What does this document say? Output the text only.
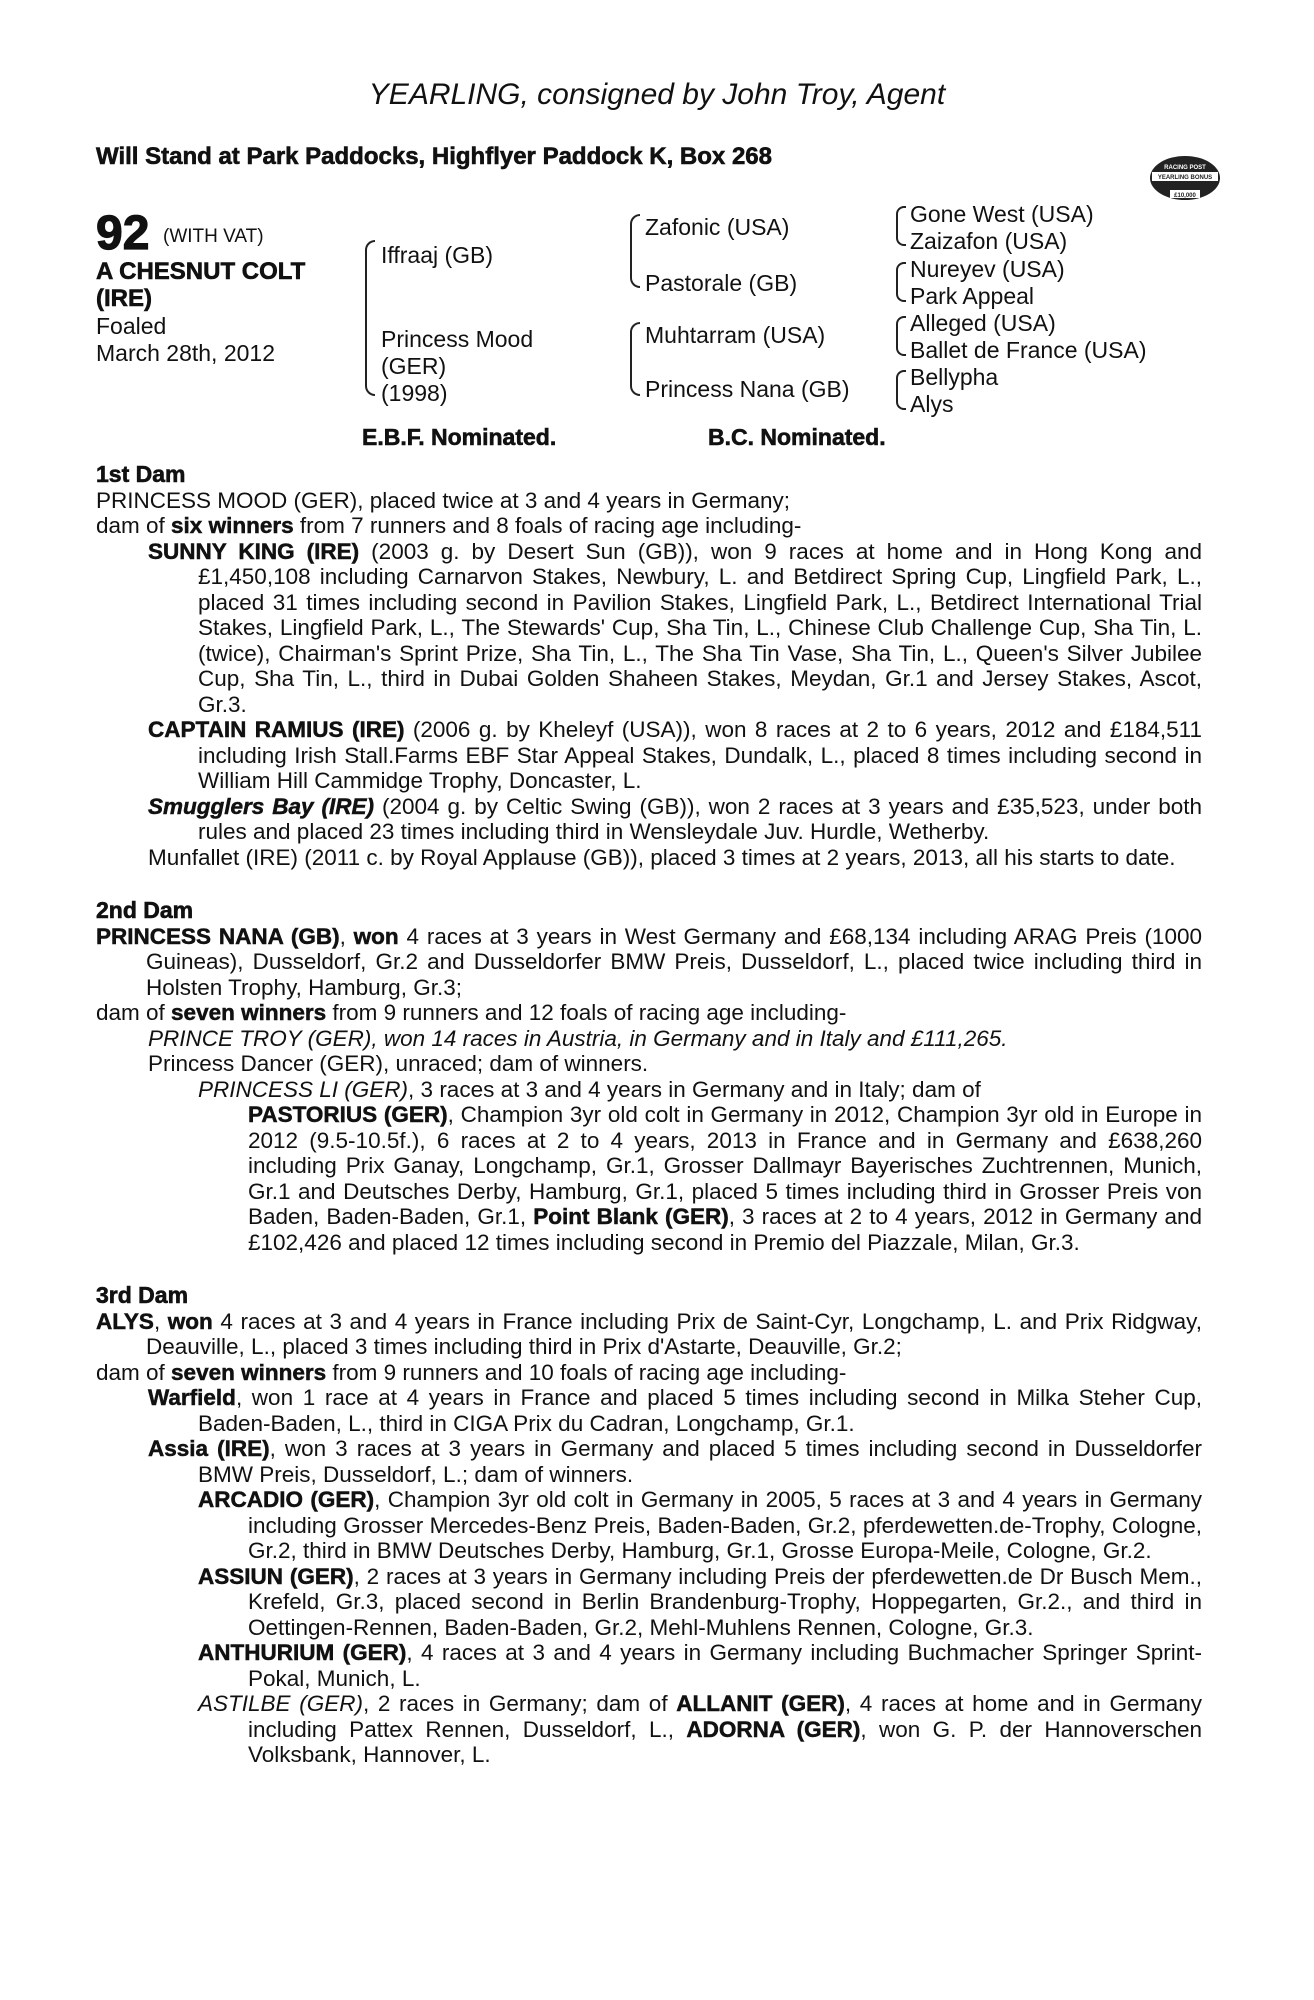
YEARLING, consigned by John Troy, Agent
Will Stand at Park Paddocks, Highflyer Paddock K, Box 268	RACING POST
YEARLING BONUS
£10,000
92 (WITH VAT)
A CHESNUT COLT
(IRE)
Foaled
March 28th, 2012
Iffraaj (GB)
Princess Mood
(GER)
(1998)
Zafonic (USA)
Pastorale (GB)
Muhtarram (USA)
Princess Nana (GB)
Gone West (USA)
Zaizafon (USA)
Nureyev (USA)
Park Appeal
Alleged (USA)
Ballet de France (USA)
Bellypha
Alys
E.B.F. Nominated.	B.C. Nominated.
1st Dam
PRINCESS MOOD (GER), placed twice at 3 and 4 years in Germany;
dam of six winners from 7 runners and 8 foals of racing age including-
SUNNY KING (IRE) (2003 g. by Desert Sun (GB)), won 9 races at home and in Hong Kong and £1,450,108 including Carnarvon Stakes, Newbury, L. and Betdirect Spring Cup, Lingfield Park, L., placed 31 times including second in Pavilion Stakes, Lingfield Park, L., Betdirect International Trial Stakes, Lingfield Park, L., The Stewards' Cup, Sha Tin, L., Chinese Club Challenge Cup, Sha Tin, L. (twice), Chairman's Sprint Prize, Sha Tin, L., The Sha Tin Vase, Sha Tin, L., Queen's Silver Jubilee Cup, Sha Tin, L., third in Dubai Golden Shaheen Stakes, Meydan, Gr.1 and Jersey Stakes, Ascot, Gr.3.
CAPTAIN RAMIUS (IRE) (2006 g. by Kheleyf (USA)), won 8 races at 2 to 6 years, 2012 and £184,511 including Irish Stall.Farms EBF Star Appeal Stakes, Dundalk, L., placed 8 times including second in William Hill Cammidge Trophy, Doncaster, L.
Smugglers Bay (IRE) (2004 g. by Celtic Swing (GB)), won 2 races at 3 years and £35,523, under both rules and placed 23 times including third in Wensleydale Juv. Hurdle, Wetherby.
Munfallet (IRE) (2011 c. by Royal Applause (GB)), placed 3 times at 2 years, 2013, all his starts to date.
2nd Dam
PRINCESS NANA (GB), won 4 races at 3 years in West Germany and £68,134 including ARAG Preis (1000 Guineas), Dusseldorf, Gr.2 and Dusseldorfer BMW Preis, Dusseldorf, L., placed twice including third in Holsten Trophy, Hamburg, Gr.3;
dam of seven winners from 9 runners and 12 foals of racing age including-
PRINCE TROY (GER), won 14 races in Austria, in Germany and in Italy and £111,265.
Princess Dancer (GER), unraced; dam of winners.
PRINCESS LI (GER), 3 races at 3 and 4 years in Germany and in Italy; dam of
PASTORIUS (GER), Champion 3yr old colt in Germany in 2012, Champion 3yr old in Europe in 2012 (9.5-10.5f.), 6 races at 2 to 4 years, 2013 in France and in Germany and £638,260 including Prix Ganay, Longchamp, Gr.1, Grosser Dallmayr Bayerisches Zuchtrennen, Munich, Gr.1 and Deutsches Derby, Hamburg, Gr.1, placed 5 times including third in Grosser Preis von Baden, Baden-Baden, Gr.1, Point Blank (GER), 3 races at 2 to 4 years, 2012 in Germany and £102,426 and placed 12 times including second in Premio del Piazzale, Milan, Gr.3.
3rd Dam
ALYS, won 4 races at 3 and 4 years in France including Prix de Saint-Cyr, Longchamp, L. and Prix Ridgway, Deauville, L., placed 3 times including third in Prix d'Astarte, Deauville, Gr.2;
dam of seven winners from 9 runners and 10 foals of racing age including-
Warfield, won 1 race at 4 years in France and placed 5 times including second in Milka Steher Cup, Baden-Baden, L., third in CIGA Prix du Cadran, Longchamp, Gr.1.
Assia (IRE), won 3 races at 3 years in Germany and placed 5 times including second in Dusseldorfer BMW Preis, Dusseldorf, L.; dam of winners.
ARCADIO (GER), Champion 3yr old colt in Germany in 2005, 5 races at 3 and 4 years in Germany including Grosser Mercedes-Benz Preis, Baden-Baden, Gr.2, pferdewetten.de-Trophy, Cologne, Gr.2, third in BMW Deutsches Derby, Hamburg, Gr.1, Grosse Europa-Meile, Cologne, Gr.2.
ASSIUN (GER), 2 races at 3 years in Germany including Preis der pferdewetten.de Dr Busch Mem., Krefeld, Gr.3, placed second in Berlin Brandenburg-Trophy, Hoppegarten, Gr.2., and third in Oettingen-Rennen, Baden-Baden, Gr.2, Mehl-Muhlens Rennen, Cologne, Gr.3.
ANTHURIUM (GER), 4 races at 3 and 4 years in Germany including Buchmacher Springer Sprint-Pokal, Munich, L.
ASTILBE (GER), 2 races in Germany; dam of ALLANIT (GER), 4 races at home and in Germany including Pattex Rennen, Dusseldorf, L., ADORNA (GER), won G. P. der Hannoverschen Volksbank, Hannover, L.
